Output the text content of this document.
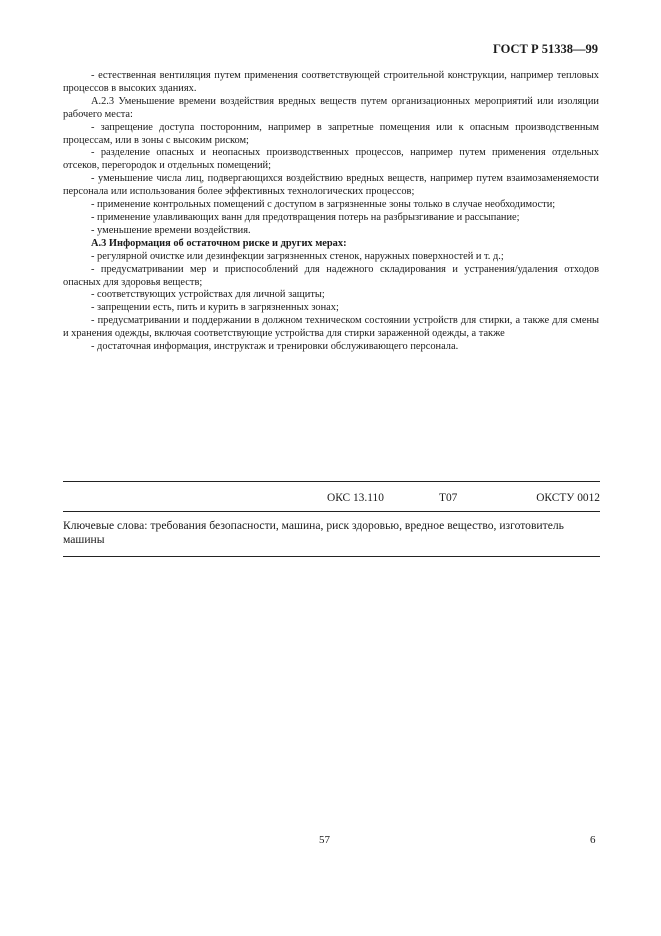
ГОСТ Р 51338—99

- естественная вентиляция путем применения соответствующей строительной конструкции, например тепловых процессов в высоких зданиях.

А.2.3 Уменьшение времени воздействия вредных веществ путем организационных мероприятий или изоляции рабочего места:

- запрещение доступа посторонним, например в запретные помещения или к опасным производственным процессам, или в зоны с высоким риском;

- разделение опасных и неопасных производственных процессов, например путем применения отдельных отсеков, перегородок и отдельных помещений;

- уменьшение числа лиц, подвергающихся воздействию вредных веществ, например путем взаимозаменяемости персонала или использования более эффективных технологических процессов;

- применение контрольных помещений с доступом в загрязненные зоны только в случае необходимости;

- применение улавливающих ванн для предотвращения потерь на разбрызгивание и рассыпание;

- уменьшение времени воздействия.

А.3 Информация об остаточном риске и других мерах:

- регулярной очистке или дезинфекции загрязненных стенок, наружных поверхностей и т. д.;

- предусматривании мер и приспособлений для надежного складирования и устранения/удаления отходов опасных для здоровья веществ;

- соответствующих устройствах для личной защиты;

- запрещении есть, пить и курить в загрязненных зонах;

- предусматривании и поддержании в должном техническом состоянии устройств для стирки, а также для смены и хранения одежды, включая соответствующие устройства для стирки зараженной одежды, а также

- достаточная информация, инструктаж и тренировки обслуживающего персонала.

ОКС 13.110	Т07	ОКСТУ 0012
Ключевые слова: требования безопасности, машина, риск здоровью, вредное вещество, изготовитель машины
57	6
